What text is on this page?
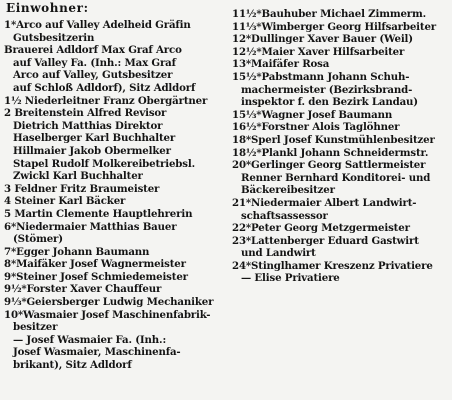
Einwohner:
1*Arco auf Valley Adelheid Gräfin
Gutsbesitzerin
Brauerei Adldorf Max Graf Arco
auf Valley Fa. (Inh.: Max Graf
Arco auf Valley, Gutsbesitzer
auf Schloß Adldorf), Sitz Adldorf
1½ Niederleitner Franz Obergärtner
2 Breitenstein Alfred Revisor
Dietrich Matthias Direktor
Haselberger Karl Buchhalter
Hillmaier Jakob Obermelker
Stapel Rudolf Molkereibetriebsl.
Zwickl Karl Buchhalter
3 Feldner Fritz Braumeister
4 Steiner Karl Bäcker
5 Martin Clemente Hauptlehrerin
6*Niedermaier Matthias Bauer
(Stömer)
7*Egger Johann Baumann
8*Maifäker Josef Wagnermeister
9*Steiner Josef Schmiedemeister
9½*Forster Xaver Chauffeur
9⅓*Geiersberger Ludwig Mechaniker
10*Wasmaier Josef Maschinenfabrik-
besitzer
— Josef Wasmaier Fa. (Inh.:
Josef Wasmaier, Maschinenfa-
brikant), Sitz Adldorf
11½*Bauhuber Michael Zimmerm.
11⅓*Wimberger Georg Hilfsarbeiter
12*Dullinger Xaver Bauer (Weil)
12½*Maier Xaver Hilfsarbeiter
13*Maifäfer Rosa
15½*Pabstmann Johann Schuh-
machermeister (Bezirksbrand-
inspektor f. den Bezirk Landau)
15⅓*Wagner Josef Baumann
16½*Forstner Alois Taglöhner
18*Sperl Josef Kunstmühlenbesitzer
18½*Plankl Johann Schneidermstr.
20*Gerlinger Georg Sattlermeister
Renner Bernhard Konditorei- und
Bäckereibesitzer
21*Niedermaier Albert Landwirt-
schaftsassessor
22*Peter Georg Metzgermeister
23*Lattenberger Eduard Gastwirt
und Landwirt
24*Stinglhamer Kreszenz Privatiere
— Elise Privatiere
